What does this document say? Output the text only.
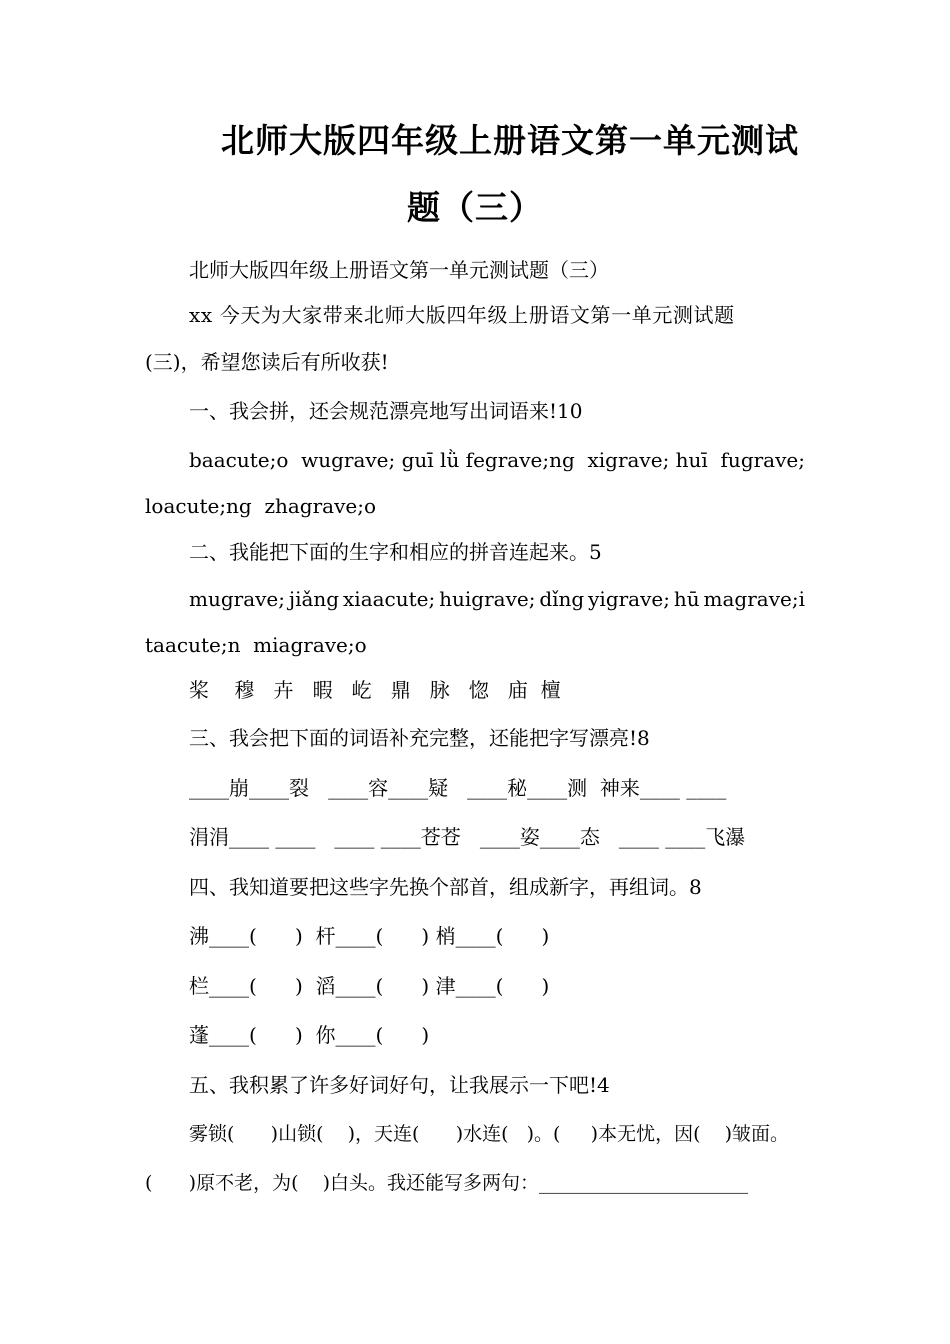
北师大版四年级上册语文第一单元测试
题（三）
北师大版四年级上册语文第一单元测试题（三）
xx 今天为大家带来北师大版四年级上册语文第一单元测试题
(三)，希望您读后有所收获!
一、我会拼，还会规范漂亮地写出词语来!10
baacute;o  wugrave; guī lǜ fegrave;ng  xigrave; huī  fugrave;
loacute;ng  zhagrave;o
二、我能把下面的生字和相应的拼音连起来。5
mugrave; jiǎng xiaacute; huigrave; dǐng yigrave; hū magrave;i
taacute;n  miagrave;o
桨    穆   卉   暇   屹   鼎   脉   惚   庙  檀
三、我会把下面的词语补充完整，还能把字写漂亮!8
____崩____裂   ____容____疑   ____秘____测  神来____ ____
涓涓____ ____   ____ ____苍苍   ____姿____态   ____ ____飞瀑
四、我知道要把这些字先换个部首，组成新字，再组词。8
沸____(      )  杆____(      ) 梢____(      )
栏____(      )  滔____(      ) 津____(      )
蓬____(      )  你____(      )
五、我积累了许多好词好句，让我展示一下吧!4
雾锁(      )山锁(    )，天连(      )水连(   )。(     )本无忧，因(    )皱面。
(      )原不老，为(    )白头。我还能写多两句：______________________
